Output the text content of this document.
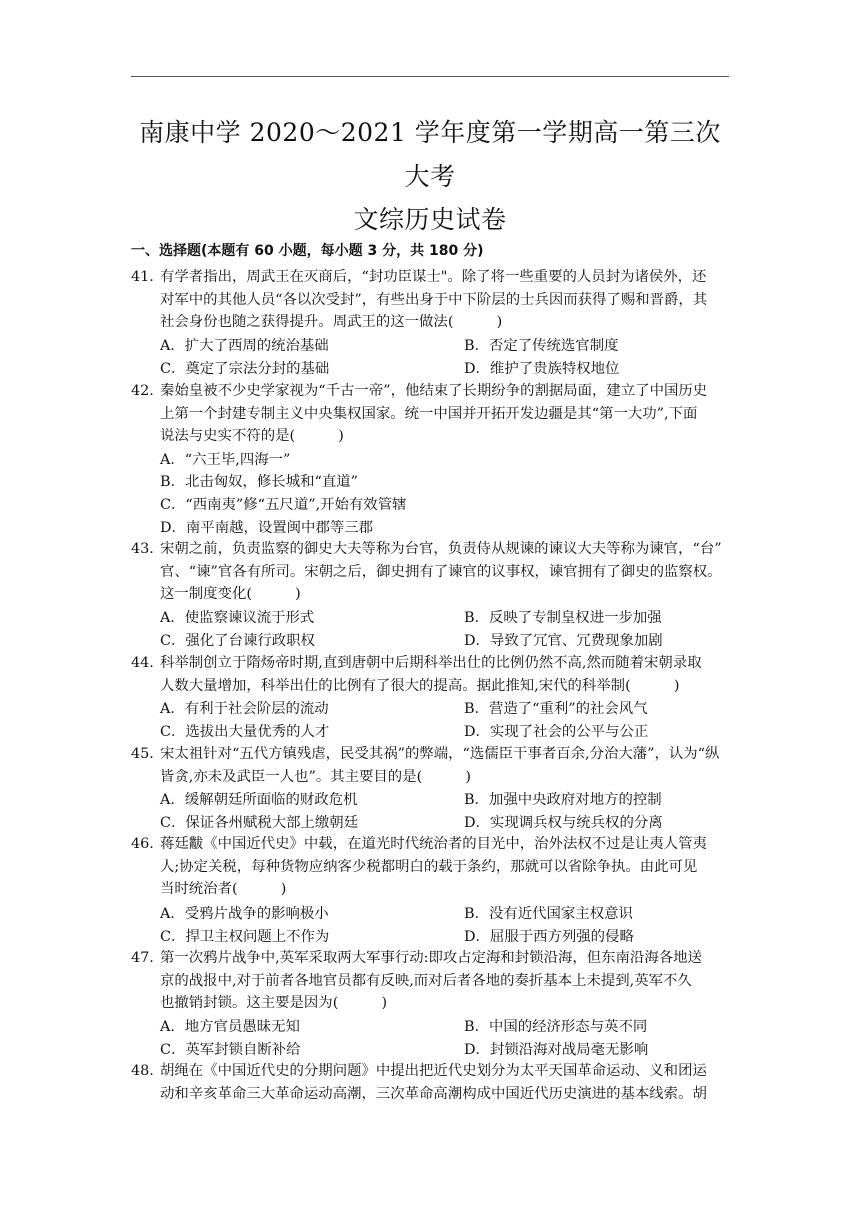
南康中学 2020～2021 学年度第一学期高一第三次
大考
文综历史试卷
一、选择题(本题有 60 小题，每小题 3 分，共 180 分)
41. 有学者指出，周武王在灭商后，“封功臣谋士"。除了将一些重要的人员封为诸侯外，还
对军中的其他人员“各以次受封”，有些出身于中下阶层的士兵因而获得了赐和晋爵，其
社会身份也随之获得提升。周武王的这一做法(　　　)
A．扩大了西周的统治基础	B．否定了传统选官制度
C．奠定了宗法分封的基础	D．维护了贵族特权地位
42. 秦始皇被不少史学家视为“千古一帝”，他结束了长期纷争的割据局面，建立了中国历史
上第一个封建专制主义中央集权国家。统一中国并开拓开发边疆是其“第一大功”,下面
说法与史实不符的是(　　　)
A．“六王毕,四海一”
B．北击匈奴，修长城和“直道”
C．“西南夷”修“五尺道”,开始有效管辖
D．南平南越，设置闽中郡等三郡
43. 宋朝之前，负责监察的御史大夫等称为台官，负责侍从规谏的谏议大夫等称为谏官，“台”
官、“谏”官各有所司。宋朝之后，御史拥有了谏官的议事权，谏官拥有了御史的监察权。
这一制度变化(　　　)
A．使监察谏议流于形式	B．反映了专制皇权进一步加强
C．强化了台谏行政职权	D．导致了冗官、冗费现象加剧
44. 科举制创立于隋炀帝时期,直到唐朝中后期科举出仕的比例仍然不高,然而随着宋朝录取
人数大量增加，科举出仕的比例有了很大的提高。据此推知,宋代的科举制(　　　)
A．有利于社会阶层的流动	B．营造了“重利”的社会风气
C．选拔出大量优秀的人才	D．实现了社会的公平与公正
45. 宋太祖针对“五代方镇残虐，民受其祸”的弊端，“选儒臣干事者百余,分治大藩”，认为“纵
皆贪,亦未及武臣一人也”。其主要目的是(　　　)
A．缓解朝廷所面临的财政危机	B．加强中央政府对地方的控制
C．保证各州赋税大部上缴朝廷	D．实现调兵权与统兵权的分离
46. 蒋廷黻《中国近代史》中载，在道光时代统治者的目光中，治外法权不过是让夷人管夷
人;协定关税，每种货物应纳客少税都明白的载于条约，那就可以省除争执。由此可见
当时统治者(　　　)
A．受鸦片战争的影响极小	B．没有近代国家主权意识
C．捍卫主权问题上不作为	D．屈服于西方列强的侵略
47. 第一次鸦片战争中,英军采取两大军事行动:即攻占定海和封锁沿海，但东南沿海各地送
京的战报中,对于前者各地官员都有反映,而对后者各地的奏折基本上未提到,英军不久
也撤销封锁。这主要是因为(　　　)
A．地方官员愚昧无知	B．中国的经济形态与英不同
C．英军封锁自断补给	D．封锁沿海对战局毫无影响
48. 胡绳在《中国近代史的分期问题》中提出把近代史划分为太平天国革命运动、义和团运
动和辛亥革命三大革命运动高潮，三次革命高潮构成中国近代历史演进的基本线索。胡
